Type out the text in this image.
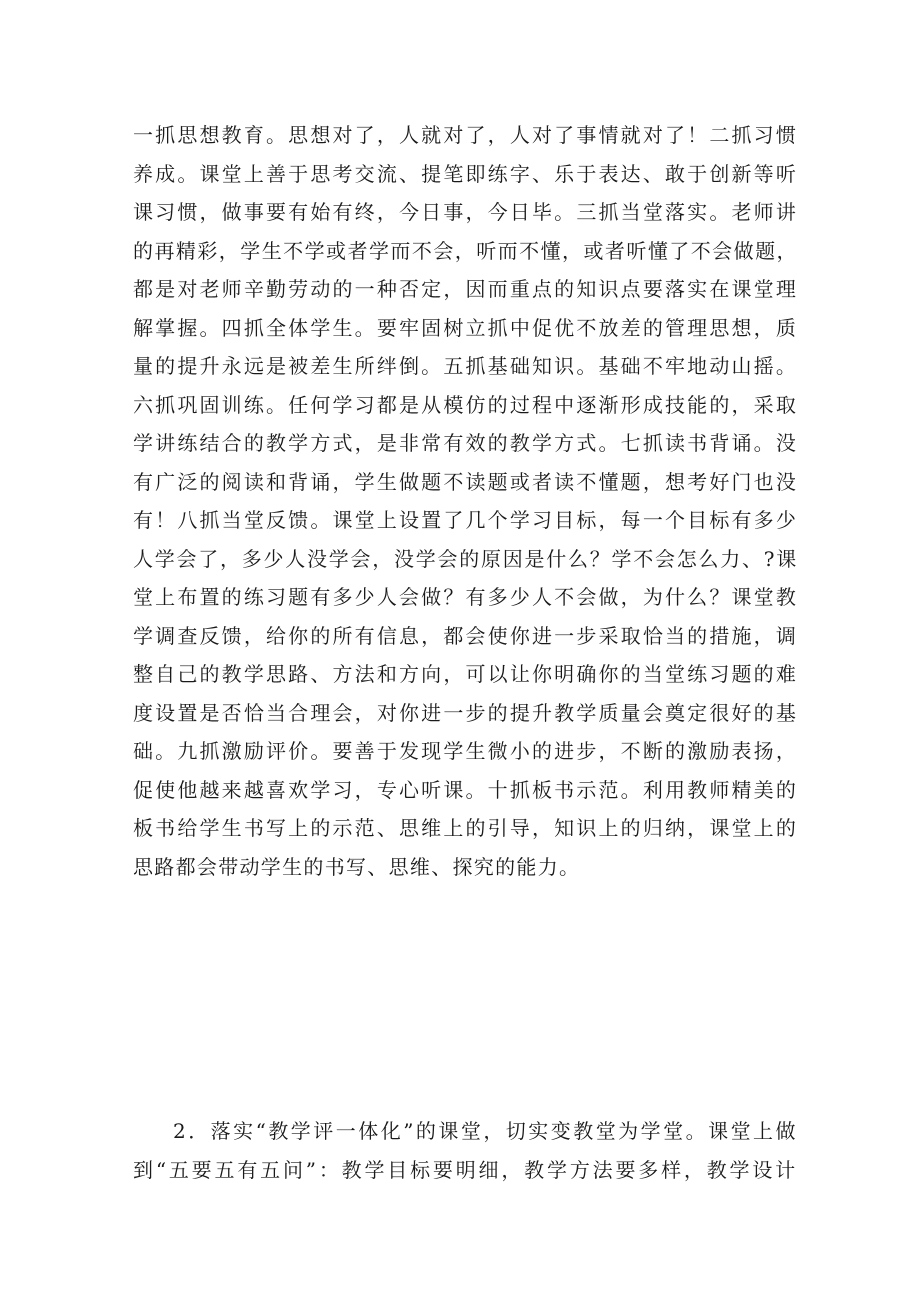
一抓思想教育。思想对了，人就对了，人对了事情就对了！二抓习惯
养成。课堂上善于思考交流、提笔即练字、乐于表达、敢于创新等听
课习惯，做事要有始有终，今日事，今日毕。三抓当堂落实。老师讲
的再精彩，学生不学或者学而不会，听而不懂，或者听懂了不会做题，
都是对老师辛勤劳动的一种否定，因而重点的知识点要落实在课堂理
解掌握。四抓全体学生。要牢固树立抓中促优不放差的管理思想，质
量的提升永远是被差生所绊倒。五抓基础知识。基础不牢地动山摇。
六抓巩固训练。任何学习都是从模仿的过程中逐渐形成技能的，采取
学讲练结合的教学方式，是非常有效的教学方式。七抓读书背诵。没
有广泛的阅读和背诵，学生做题不读题或者读不懂题，想考好门也没
有！八抓当堂反馈。课堂上设置了几个学习目标，每一个目标有多少
人学会了，多少人没学会，没学会的原因是什么？学不会怎么力、?课
堂上布置的练习题有多少人会做？有多少人不会做，为什么？课堂教
学调查反馈，给你的所有信息，都会使你进一步采取恰当的措施，调
整自己的教学思路、方法和方向，可以让你明确你的当堂练习题的难
度设置是否恰当合理会，对你进一步的提升教学质量会奠定很好的基
础。九抓激励评价。要善于发现学生微小的进步，不断的激励表扬，
促使他越来越喜欢学习，专心听课。十抓板书示范。利用教师精美的
板书给学生书写上的示范、思维上的引导，知识上的归纳，课堂上的
思路都会带动学生的书写、思维、探究的能力。
2．落实“教学评一体化”的课堂，切实变教堂为学堂。课堂上做
到“五要五有五问”：教学目标要明细，教学方法要多样，教学设计
